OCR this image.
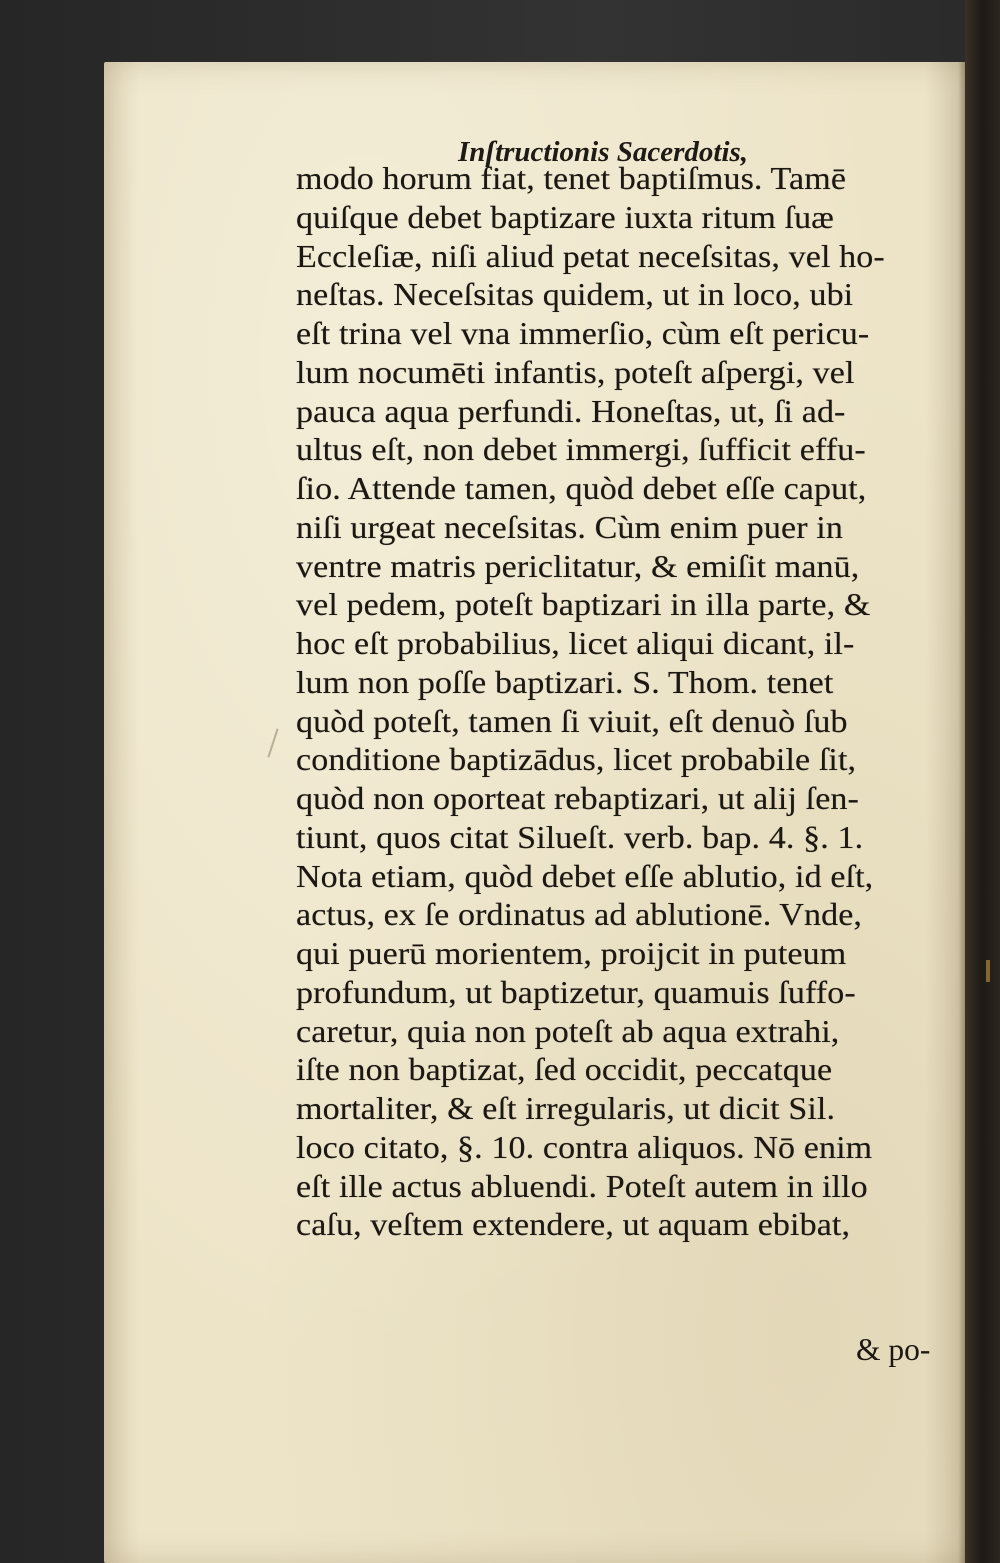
Inſtructionis Sacerdotis,
modo horum fiat, tenet baptiſmus. Tamē
quiſque debet baptizare iuxta ritum ſuæ
Eccleſiæ, niſi aliud petat neceſsitas, vel ho-
neſtas. Neceſsitas quidem, ut in loco, ubi
eſt trina vel vna immerſio, cùm eſt pericu-
lum nocumēti infantis, poteſt aſpergi, vel
pauca aqua perfundi. Honeſtas, ut, ſi ad-
ultus eſt, non debet immergi, ſufficit effu-
ſio. Attende tamen, quòd debet eſſe caput,
niſi urgeat neceſsitas. Cùm enim puer in
ventre matris periclitatur, & emiſit manū,
vel pedem, poteſt baptizari in illa parte, &
hoc eſt probabilius, licet aliqui dicant, il-
lum non poſſe baptizari. S. Thom. tenet
quòd poteſt, tamen ſi viuit, eſt denuò ſub
conditione baptizādus, licet probabile ſit,
quòd non oporteat rebaptizari, ut alij ſen-
tiunt, quos citat Silueſt. verb. bap. 4. §. 1.
Nota etiam, quòd debet eſſe ablutio, id eſt,
actus, ex ſe ordinatus ad ablutionē. Vnde,
qui puerū morientem, proijcit in puteum
profundum, ut baptizetur, quamuis ſuffo-
caretur, quia non poteſt ab aqua extrahi,
iſte non baptizat, ſed occidit, peccatque
mortaliter, & eſt irregularis, ut dicit Sil.
loco citato, §. 10. contra aliquos. Nō enim
eſt ille actus abluendi. Poteſt autem in illo
caſu, veſtem extendere, ut aquam ebibat,
& po-
